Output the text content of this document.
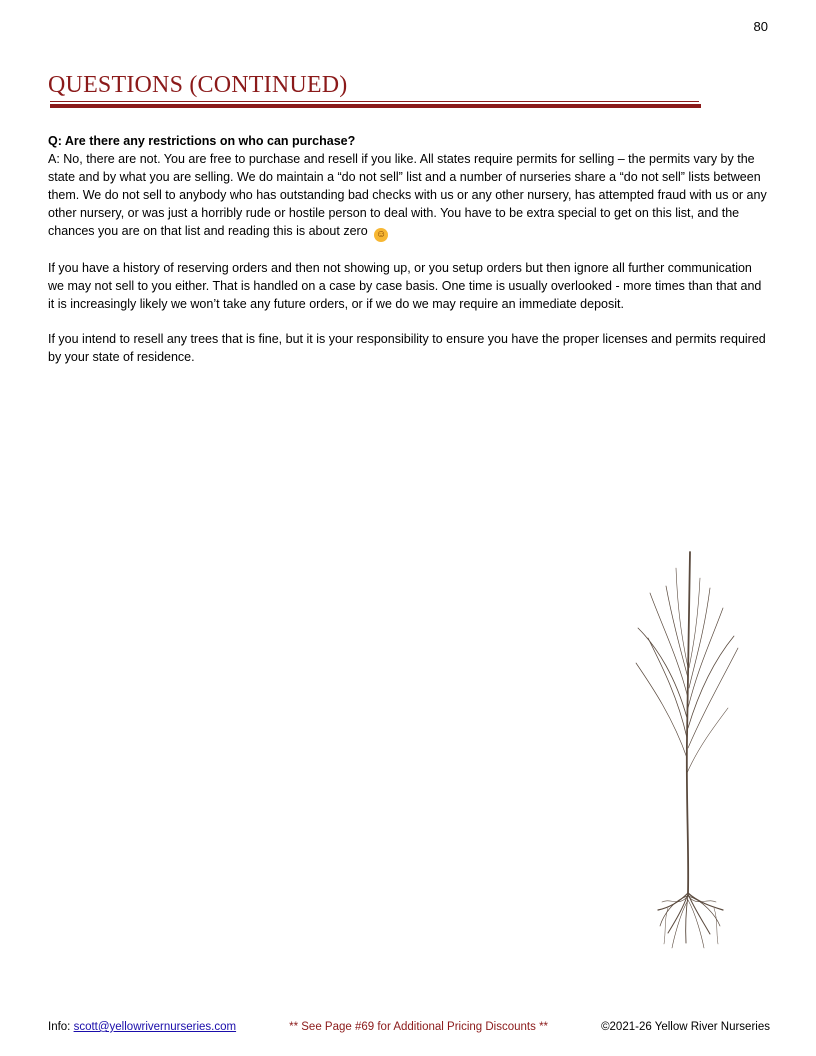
80
QUESTIONS (CONTINUED)

Q: Are there any restrictions on who can purchase?
A: No, there are not. You are free to purchase and resell if you like. All states require permits for selling – the permits vary by the state and by what you are selling. We do maintain a “do not sell” list and a number of nurseries share a “do not sell” lists between them. We do not sell to anybody who has outstanding bad checks with us or any other nursery, has attempted fraud with us or any other nursery, or was just a horribly rude or hostile person to deal with. You have to be extra special to get on this list, and the chances you are on that list and reading this is about zero ☺

If you have a history of reserving orders and then not showing up, or you setup orders but then ignore all further communication we may not sell to you either. That is handled on a case by case basis. One time is usually overlooked - more times than that and it is increasingly likely we won’t take any future orders, or if we do we may require an immediate deposit.

If you intend to resell any trees that is fine, but it is your responsibility to ensure you have the proper licenses and permits required by your state of residence.

Info: scott@yellowrivernurseries.com	** See Page #69 for Additional Pricing Discounts **	©2021-26 Yellow River Nurseries
